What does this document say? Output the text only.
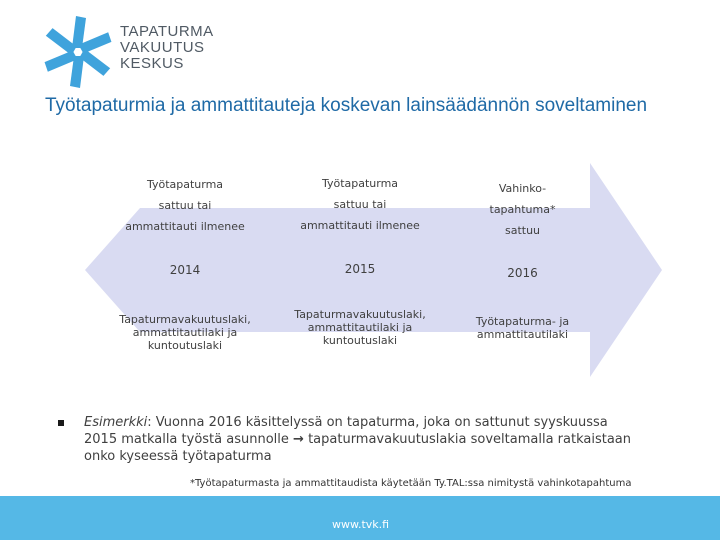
TAPATURMA
VAKUUTUS
KESKUS
Työtapaturmia ja ammattitauteja koskevan lainsäädännön soveltaminen
Työtapaturma
sattuu tai
ammattitauti ilmenee
2014
Tapaturmavakuutuslaki,
ammattitautilaki ja
kuntoutuslaki
Työtapaturma
sattuu tai
ammattitauti ilmenee
2015
Tapaturmavakuutuslaki,
ammattitautilaki ja
kuntoutuslaki
Vahinko-
tapahtuma*
sattuu
2016
Työtapaturma- ja
ammattitautilaki
Esimerkki: Vuonna 2016 käsittelyssä on tapaturma, joka on sattunut syyskuussa 2015 matkalla työstä asunnolle → tapaturmavakuutuslakia soveltamalla ratkaistaan onko kyseessä työtapaturma
*Työtapaturmasta ja ammattitaudista käytetään Ty.TAL:ssa nimitystä vahinkotapahtuma
www.tvk.fi
8
